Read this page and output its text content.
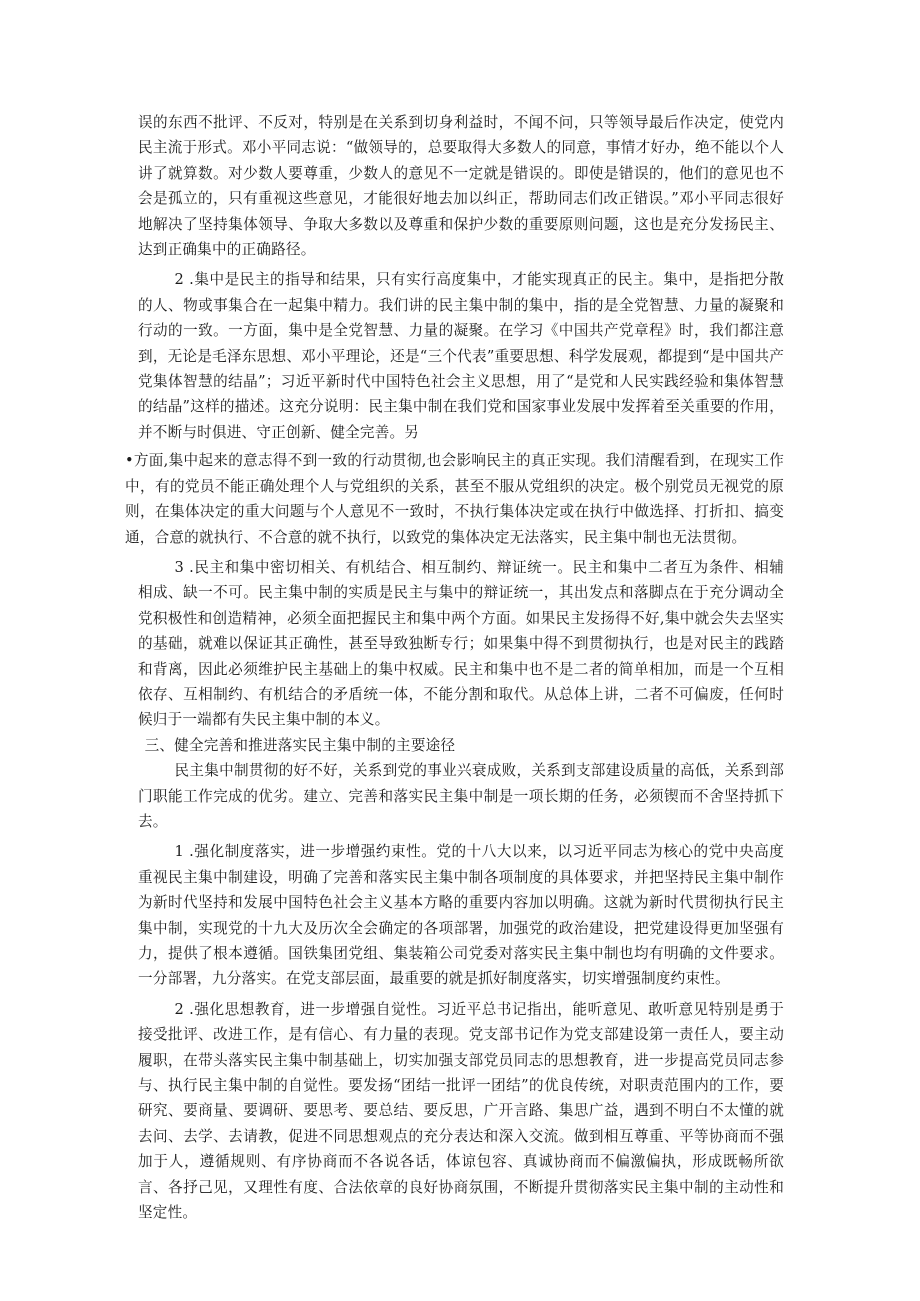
误的东西不批评、不反对，特别是在关系到切身利益时，不闻不问，只等领导最后作决定，使党内民主流于形式。邓小平同志说：“做领导的，总要取得大多数人的同意，事情才好办，绝不能以个人讲了就算数。对少数人要尊重，少数人的意见不一定就是错误的。即使是错误的，他们的意见也不会是孤立的，只有重视这些意见，才能很好地去加以纠正，帮助同志们改正错误。”邓小平同志很好地解决了坚持集体领导、争取大多数以及尊重和保护少数的重要原则问题，这也是充分发扬民主、达到正确集中的正确路径。

2 .集中是民主的指导和结果，只有实行高度集中，才能实现真正的民主。集中，是指把分散的人、物或事集合在一起集中精力。我们讲的民主集中制的集中，指的是全党智慧、力量的凝聚和行动的一致。一方面，集中是全党智慧、力量的凝聚。在学习《中国共产党章程》时，我们都注意到，无论是毛泽东思想、邓小平理论，还是“三个代表”重要思想、科学发展观，都提到“是中国共产党集体智慧的结晶”；习近平新时代中国特色社会主义思想，用了“是党和人民实践经验和集体智慧的结晶”这样的描述。这充分说明：民主集中制在我们党和国家事业发展中发挥着至关重要的作用，并不断与时俱进、守正创新、健全完善。另

•方面,集中起来的意志得不到一致的行动贯彻,也会影响民主的真正实现。我们清醒看到，在现实工作中，有的党员不能正确处理个人与党组织的关系，甚至不服从党组织的决定。极个别党员无视党的原则，在集体决定的重大问题与个人意见不一致时，不执行集体决定或在执行中做选择、打折扣、搞变通，合意的就执行、不合意的就不执行，以致党的集体决定无法落实，民主集中制也无法贯彻。

3 .民主和集中密切相关、有机结合、相互制约、辩证统一。民主和集中二者互为条件、相辅相成、缺一不可。民主集中制的实质是民主与集中的辩证统一，其出发点和落脚点在于充分调动全党积极性和创造精神，必须全面把握民主和集中两个方面。如果民主发扬得不好,集中就会失去坚实的基础，就难以保证其正确性，甚至导致独断专行；如果集中得不到贯彻执行，也是对民主的践踏和背离，因此必须维护民主基础上的集中权威。民主和集中也不是二者的简单相加，而是一个互相依存、互相制约、有机结合的矛盾统一体，不能分割和取代。从总体上讲，二者不可偏废，任何时候归于一端都有失民主集中制的本义。

三、健全完善和推进落实民主集中制的主要途径

民主集中制贯彻的好不好，关系到党的事业兴衰成败，关系到支部建设质量的高低，关系到部门职能工作完成的优劣。建立、完善和落实民主集中制是一项长期的任务，必须锲而不舍坚持抓下去。

1 .强化制度落实，进一步增强约束性。党的十八大以来，以习近平同志为核心的党中央高度重视民主集中制建设，明确了完善和落实民主集中制各项制度的具体要求，并把坚持民主集中制作为新时代坚持和发展中国特色社会主义基本方略的重要内容加以明确。这就为新时代贯彻执行民主集中制，实现党的十九大及历次全会确定的各项部署，加强党的政治建设，把党建设得更加坚强有力，提供了根本遵循。国铁集团党组、集装箱公司党委对落实民主集中制也均有明确的文件要求。一分部署，九分落实。在党支部层面，最重要的就是抓好制度落实，切实增强制度约束性。

2 .强化思想教育，进一步增强自觉性。习近平总书记指出，能听意见、敢听意见特别是勇于接受批评、改进工作，是有信心、有力量的表现。党支部书记作为党支部建设第一责任人，要主动履职，在带头落实民主集中制基础上，切实加强支部党员同志的思想教育，进一步提高党员同志参与、执行民主集中制的自觉性。要发扬“团结一批评一团结”的优良传统，对职责范围内的工作，要研究、要商量、要调研、要思考、要总结、要反思，广开言路、集思广益，遇到不明白不太懂的就去问、去学、去请教，促进不同思想观点的充分表达和深入交流。做到相互尊重、平等协商而不强加于人，遵循规则、有序协商而不各说各话，体谅包容、真诚协商而不偏激偏执，形成既畅所欲言、各抒己见，又理性有度、合法依章的良好协商氛围，不断提升贯彻落实民主集中制的主动性和坚定性。
